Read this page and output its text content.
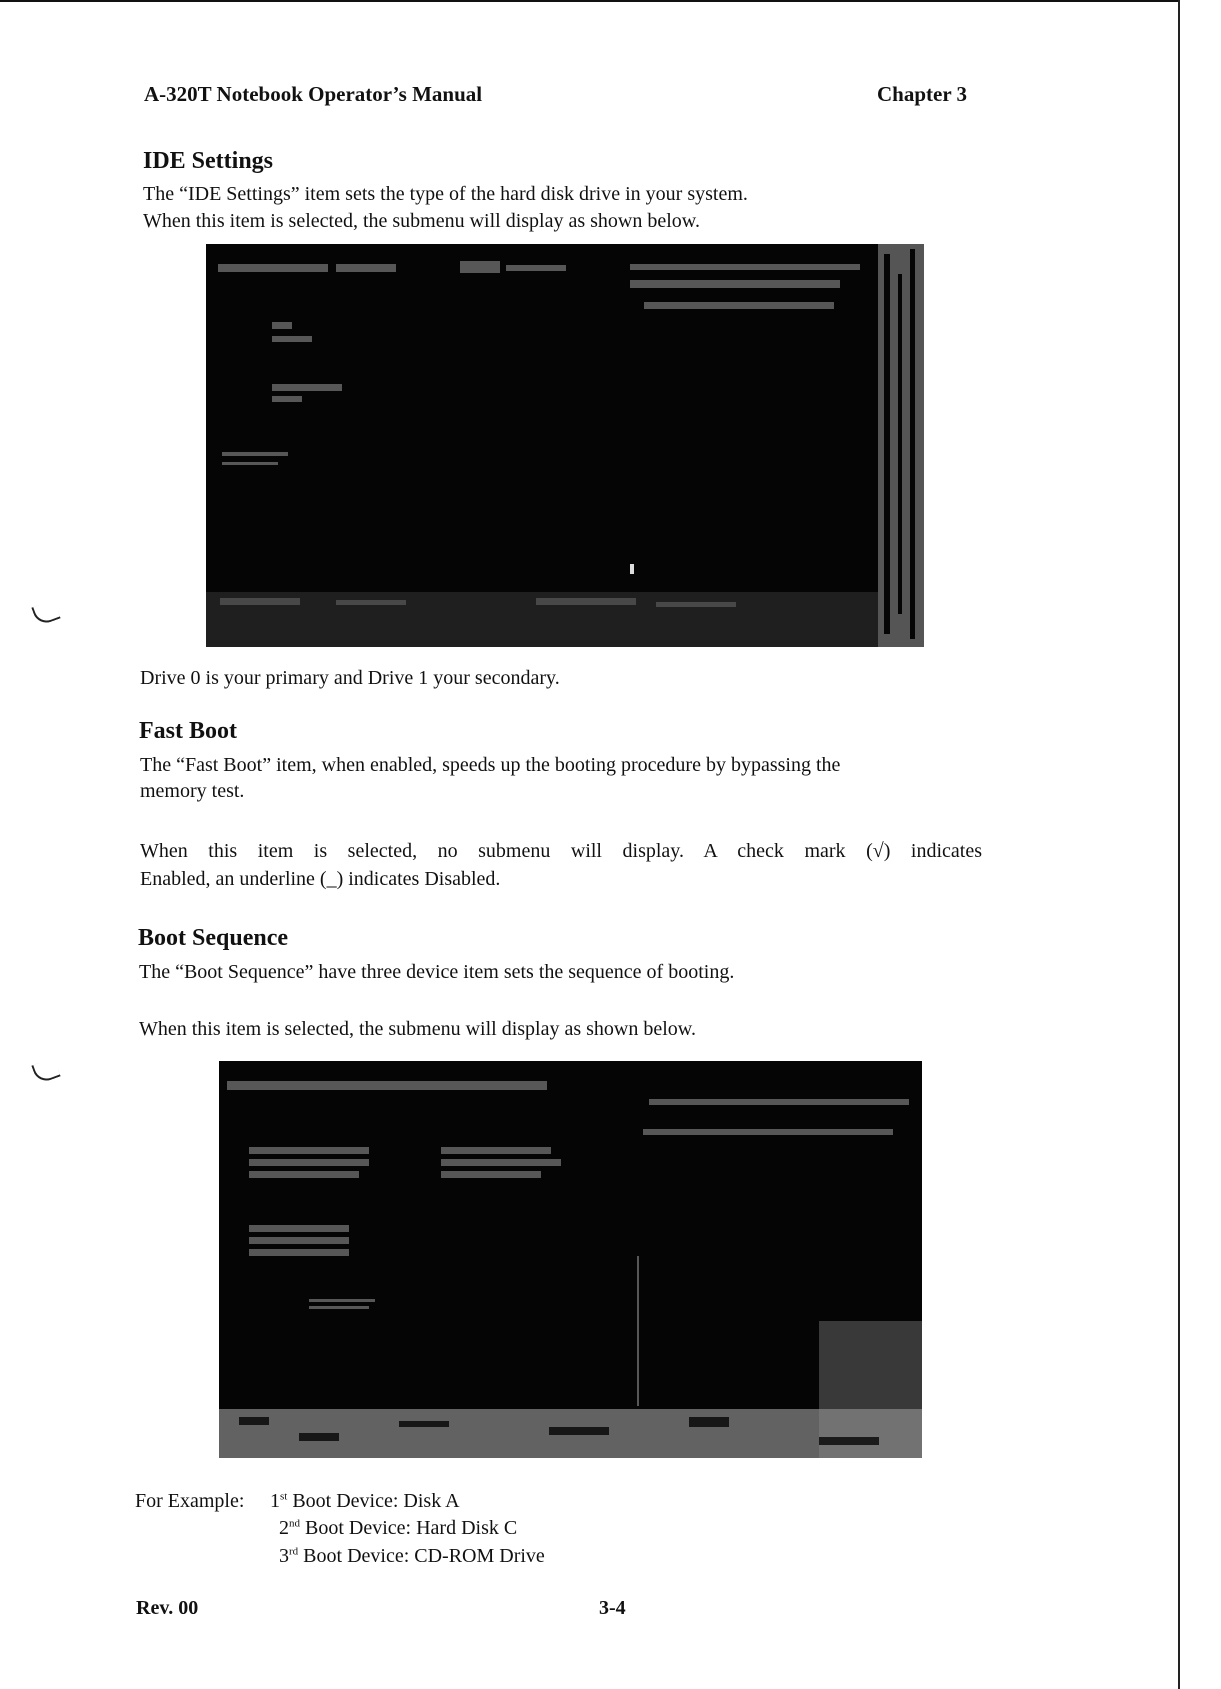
A-320T Notebook Operator’s Manual	Chapter 3
IDE Settings
The “IDE Settings” item sets the type of the hard disk drive in your system.
When this item is selected, the submenu will display as shown below.
Drive 0 is your primary and Drive 1 your secondary.
Fast Boot
The “Fast Boot” item, when enabled, speeds up the booting procedure by bypassing the
memory test.
When this item is selected, no submenu will display. A check mark (√) indicates
Enabled, an underline (_) indicates Disabled.
Boot Sequence
The “Boot Sequence” have three device item sets the sequence of booting.
When this item is selected, the submenu will display as shown below.
For Example: 1st Boot Device: Disk A
2nd Boot Device: Hard Disk C
3rd Boot Device: CD-ROM Drive
Rev. 00	3-4
